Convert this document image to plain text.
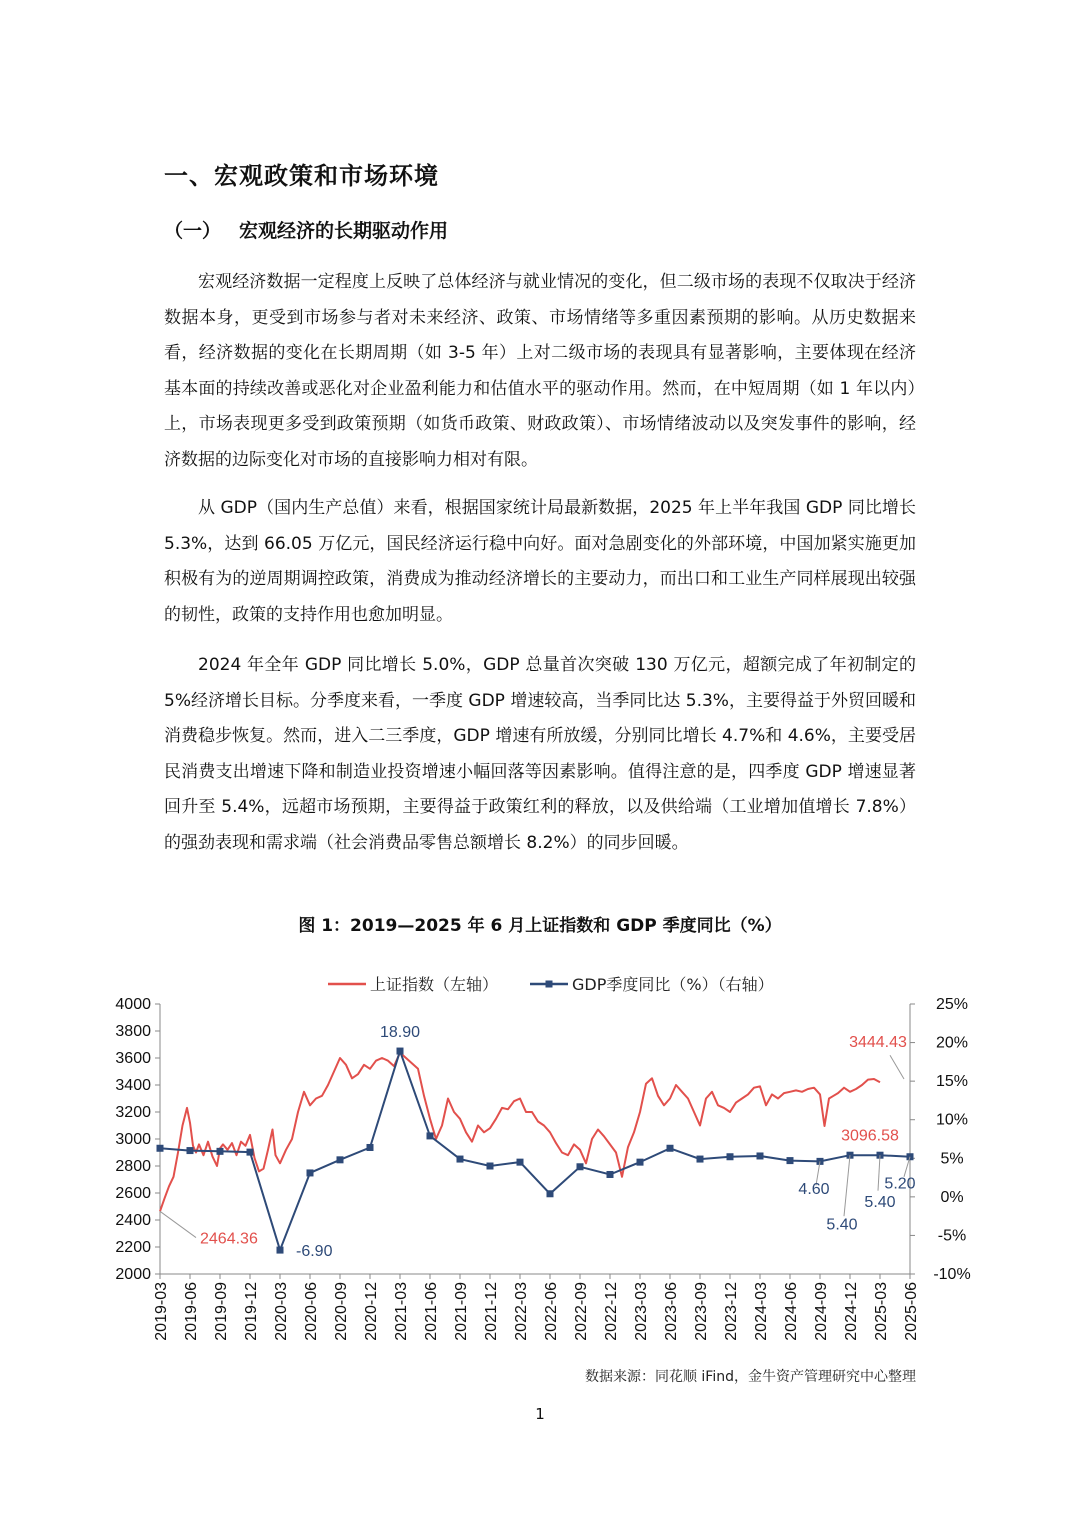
一、宏观政策和市场环境
（一） 宏观经济的长期驱动作用

宏观经济数据一定程度上反映了总体经济与就业情况的变化，但二级市场的表现不仅取决于经济数据本身，更受到市场参与者对未来经济、政策、市场情绪等多重因素预期的影响。从历史数据来看，经济数据的变化在长期周期（如 3-5 年）上对二级市场的表现具有显著影响，主要体现在经济基本面的持续改善或恶化对企业盈利能力和估值水平的驱动作用。然而，在中短周期（如 1 年以内）上，市场表现更多受到政策预期（如货币政策、财政政策）、市场情绪波动以及突发事件的影响，经济数据的边际变化对市场的直接影响力相对有限。

从 GDP（国内生产总值）来看，根据国家统计局最新数据，2025 年上半年我国 GDP 同比增长 5.3%，达到 66.05 万亿元，国民经济运行稳中向好。面对急剧变化的外部环境，中国加紧实施更加积极有为的逆周期调控政策，消费成为推动经济增长的主要动力，而出口和工业生产同样展现出较强的韧性，政策的支持作用也愈加明显。

2024 年全年 GDP 同比增长 5.0%，GDP 总量首次突破 130 万亿元，超额完成了年初制定的 5%经济增长目标。分季度来看，一季度 GDP 增速较高，当季同比达 5.3%，主要得益于外贸回暖和消费稳步恢复。然而，进入二三季度，GDP 增速有所放缓，分别同比增长 4.7%和 4.6%，主要受居民消费支出增速下降和制造业投资增速小幅回落等因素影响。值得注意的是，四季度 GDP 增速显著回升至 5.4%，远超市场预期，主要得益于政策红利的释放，以及供给端（工业增加值增长 7.8%）的强劲表现和需求端（社会消费品零售总额增长 8.2%）的同步回暖。

图 1：2019—2025 年 6 月上证指数和 GDP 季度同比（%）
2000
2200
2400
2600
2800
3000
3200
3400
3600
3800
4000
-10%
-5%
0%
5%
10%
15%
20%
25%
2019-03 2019-06 2019-09 2019-12 2020-03 2020-06 2020-09 2020-12 2021-03 2021-06 2021-09 2021-12 2022-03 2022-06 2022-09 2022-12 2023-03 2023-06 2023-09 2023-12 2024-03 2024-06 2024-09 2024-12 2025-03 2025-06
上证指数（左轴）	GDP季度同比（%）（右轴）
2464.36
3444.43
3096.58
-6.90
18.90
4.60
5.40
5.40
5.20
数据来源：同花顺 iFind，金牛资产管理研究中心整理
1
